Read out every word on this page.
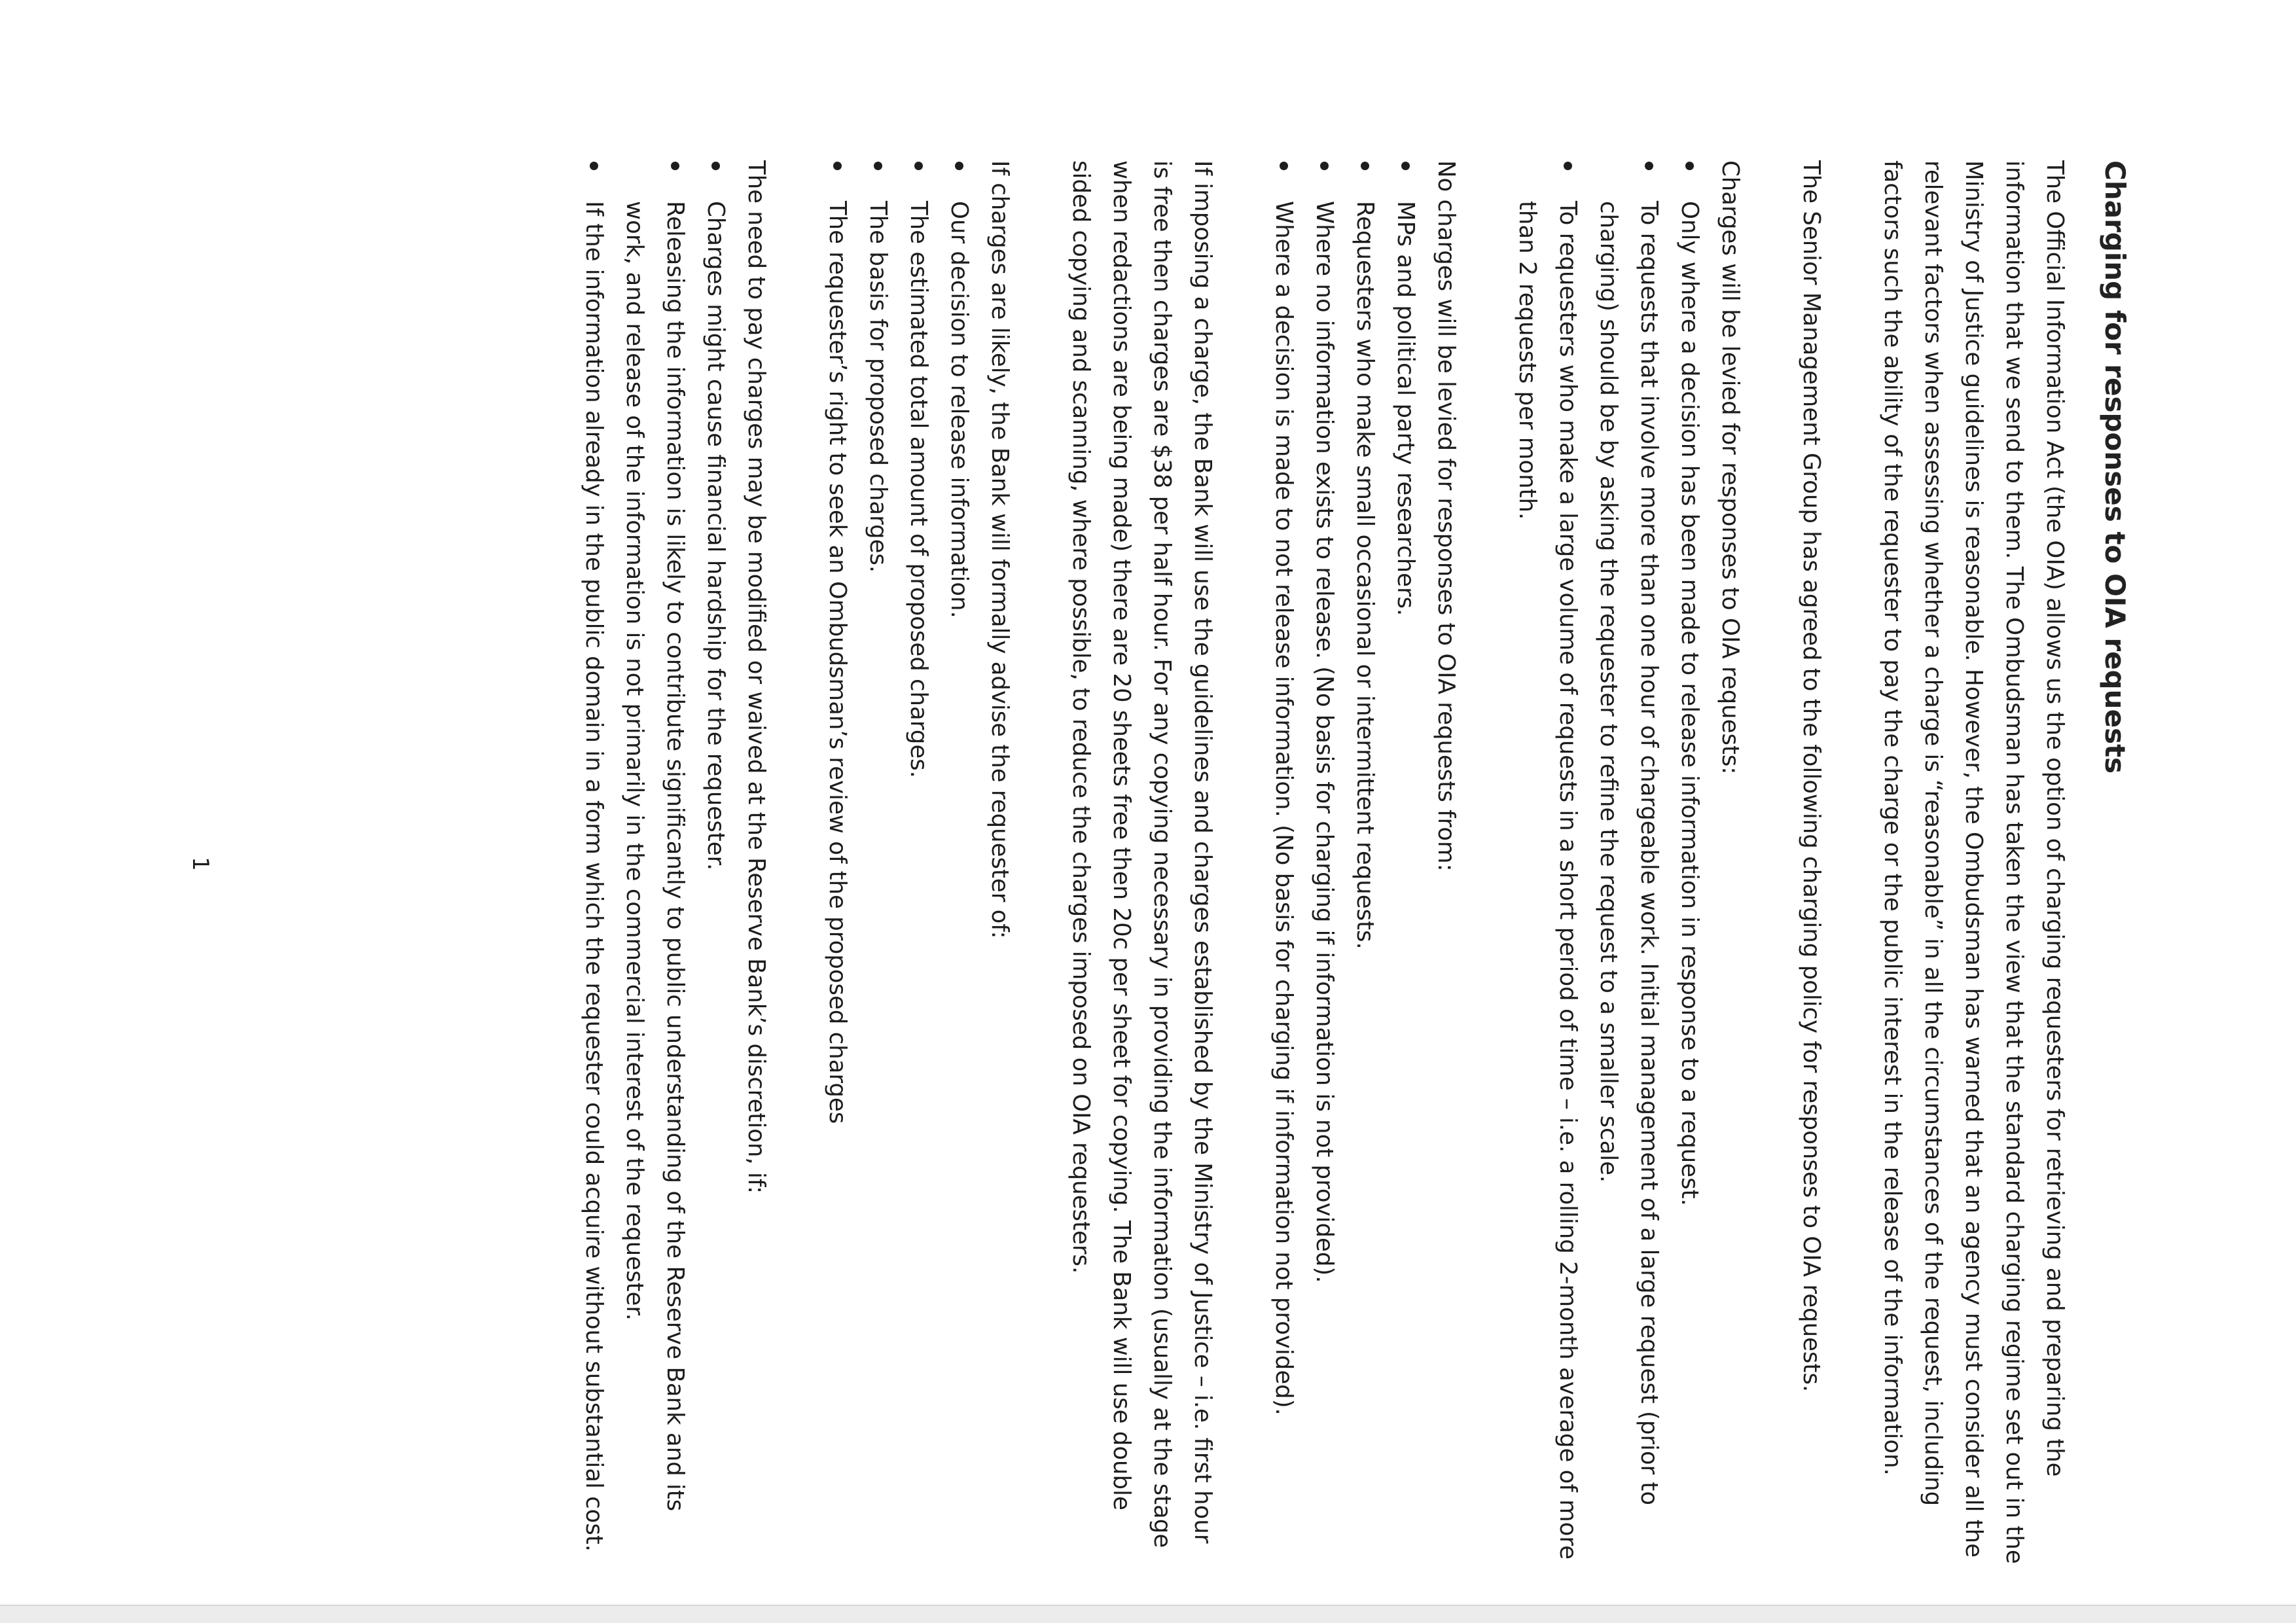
Charging for responses to OIA requests

The Official Information Act (the OIA) allows us the option of charging requesters for retrieving and preparing the information that we send to them. The Ombudsman has taken the view that the standard charging regime set out in the Ministry of Justice guidelines is reasonable. However, the Ombudsman has warned that an agency must consider all the relevant factors when assessing whether a charge is “reasonable” in all the circumstances of the request, including factors such the ability of the requester to pay the charge or the public interest in the release of the information.

The Senior Management Group has agreed to the following charging policy for responses to OIA requests.

Charges will be levied for responses to OIA requests:

Only where a decision has been made to release information in response to a request.
To requests that involve more than one hour of chargeable work. Initial management of a large request (prior to charging) should be by asking the requester to refine the request to a smaller scale.
To requesters who make a large volume of requests in a short period of time – i.e. a rolling 2-month average of more than 2 requests per month.

No charges will be levied for responses to OIA requests from:

MPs and political party researchers.
Requesters who make small occasional or intermittent requests.
Where no information exists to release. (No basis for charging if information is not provided).
Where a decision is made to not release information. (No basis for charging if information not provided).

If imposing a charge, the Bank will use the guidelines and charges established by the Ministry of Justice – i.e. first hour is free then charges are $38 per half hour. For any copying necessary in providing the information (usually at the stage when redactions are being made) there are 20 sheets free then 20c per sheet for copying. The Bank will use double sided copying and scanning, where possible, to reduce the charges imposed on OIA requesters.

If charges are likely, the Bank will formally advise the requester of:

Our decision to release information.
The estimated total amount of proposed charges.
The basis for proposed charges.
The requester’s right to seek an Ombudsman’s review of the proposed charges

The need to pay charges may be modified or waived at the Reserve Bank’s discretion, if:

Charges might cause financial hardship for the requester.
Releasing the information is likely to contribute significantly to public understanding of the Reserve Bank and its work, and release of the information is not primarily in the commercial interest of the requester.
If the information already in the public domain in a form which the requester could acquire without substantial cost.
1
